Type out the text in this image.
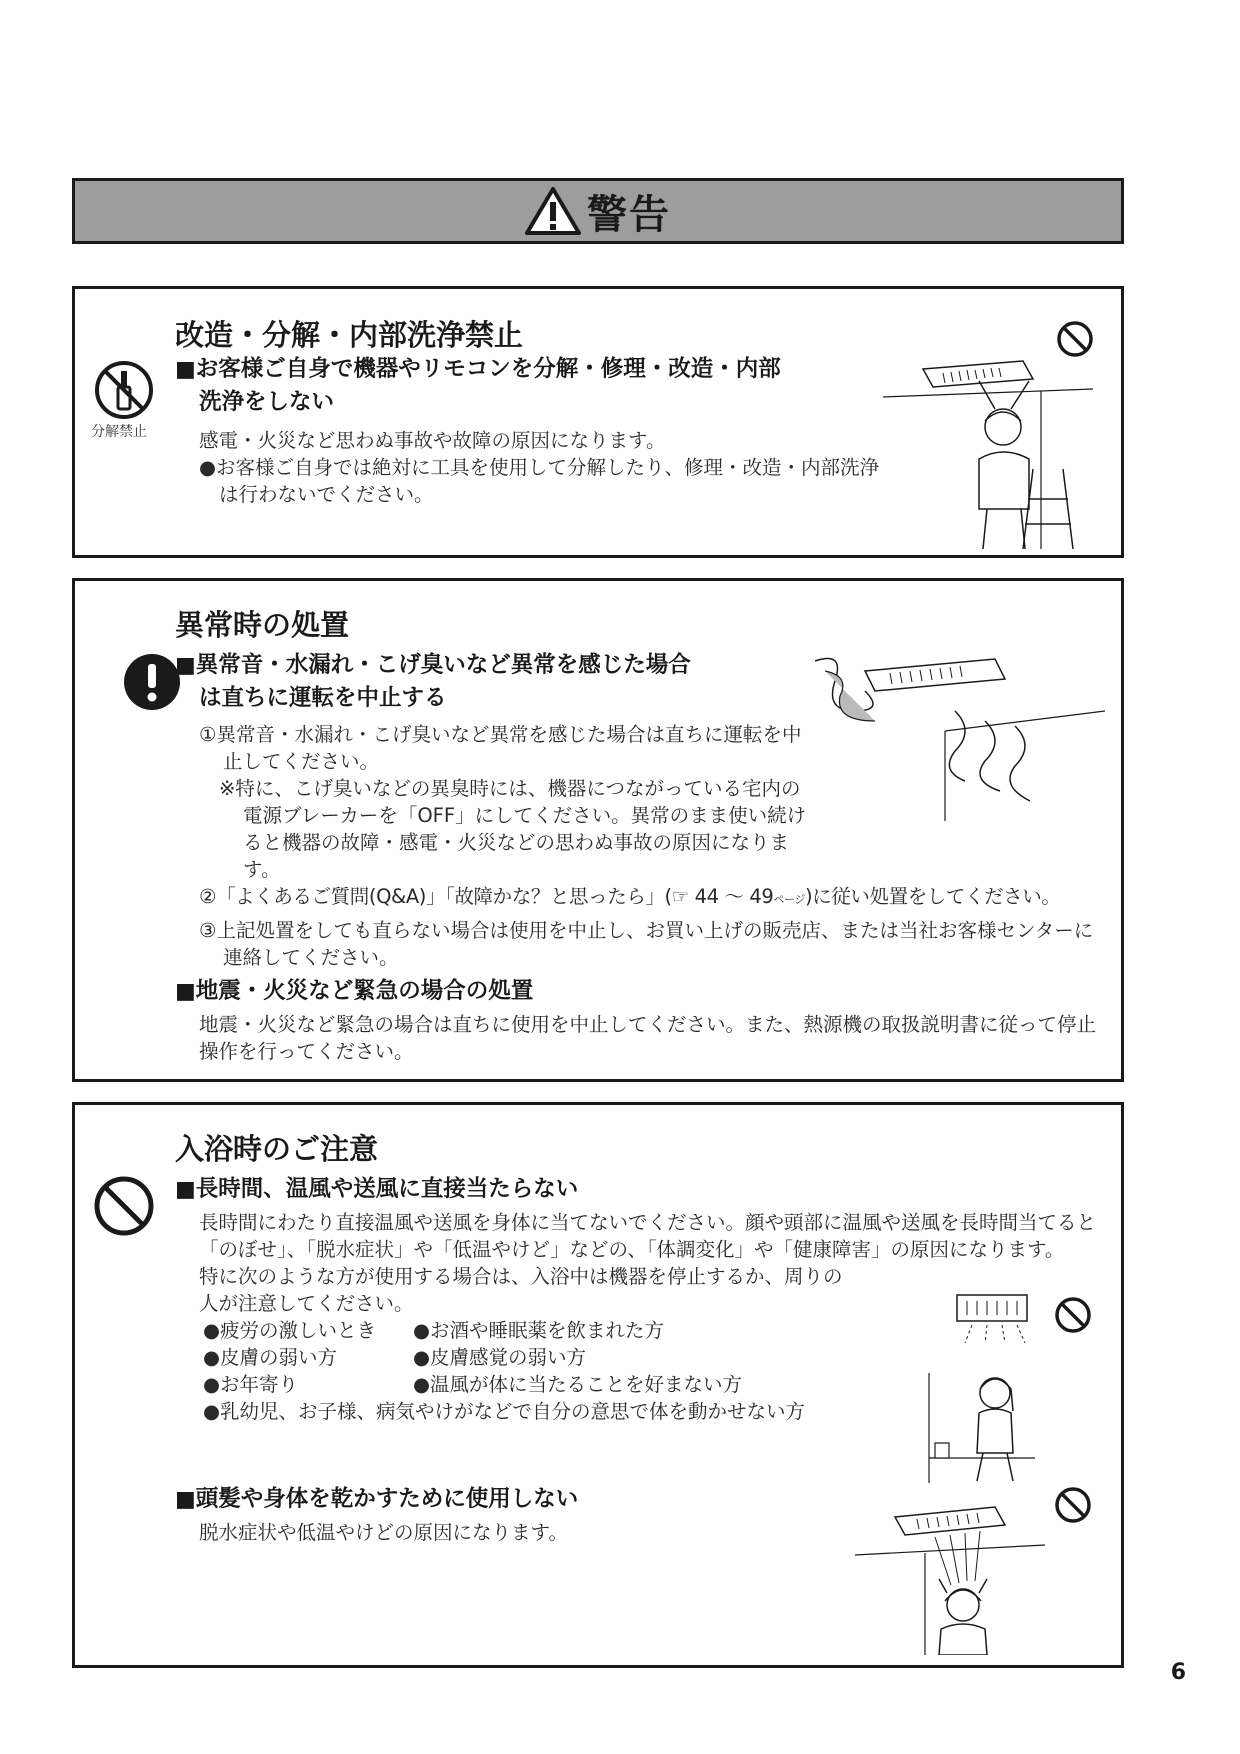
警告
改造・分解・内部洗浄禁止
分解禁止
■お客様ご自身で機器やリモコンを分解・修理・改造・内部
洗浄をしない

感電・火災など思わぬ事故や故障の原因になります。

●お客様ご自身では絶対に工具を使用して分解したり、修理・改造・内部洗浄は行わないでください。

異常時の処置
■異常音・水漏れ・こげ臭いなど異常を感じた場合
は直ちに運転を中止する

①異常音・水漏れ・こげ臭いなど異常を感じた場合は直ちに運転を中止してください。

※特に、こげ臭いなどの異臭時には、機器につながっている宅内の電源ブレーカーを「OFF」にしてください。異常のまま使い続けると機器の故障・感電・火災などの思わぬ事故の原因になります。

②「よくあるご質問(Q&A)」「故障かな？と思ったら」(☞ 44 ～ 49ページ)に従い処置をしてください。

③上記処置をしても直らない場合は使用を中止し、お買い上げの販売店、または当社お客様センターに連絡してください。

■地震・火災など緊急の場合の処置

地震・火災など緊急の場合は直ちに使用を中止してください。また、熱源機の取扱説明書に従って停止操作を行ってください。

入浴時のご注意
■長時間、温風や送風に直接当たらない

長時間にわたり直接温風や送風を身体に当てないでください。顔や頭部に温風や送風を長時間当てると「のぼせ」、「脱水症状」や「低温やけど」などの、「体調変化」や「健康障害」の原因になります。

特に次のような方が使用する場合は、入浴中は機器を停止するか、周りの人が注意してください。

●疲労の激しいとき	●お酒や睡眠薬を飲まれた方
●皮膚の弱い方	●皮膚感覚の弱い方
●お年寄り	●温風が体に当たることを好まない方

●乳幼児、お子様、病気やけがなどで自分の意思で体を動かせない方

■頭髪や身体を乾かすために使用しない

脱水症状や低温やけどの原因になります。

6
